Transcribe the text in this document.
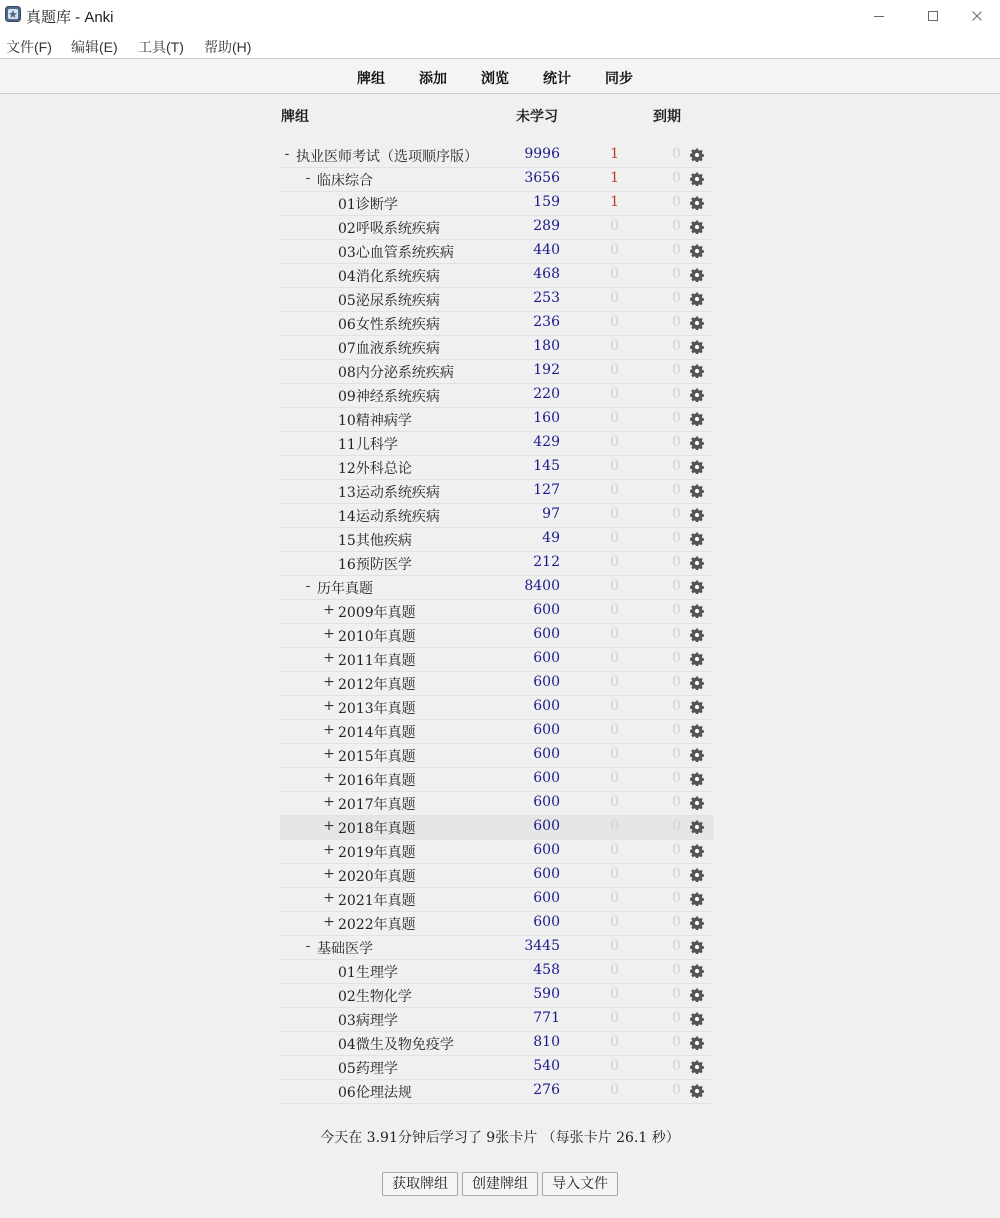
真题库 - Anki
文件(F) 编辑(E) 工具(T) 帮助(H)
牌组 添加 浏览 统计 同步
牌组	未学习	到期
- 执业医师考试（选项顺序版）	9996	1	0
- 临床综合	3656	1	0
01诊断学	159	1	0
02呼吸系统疾病	289	0	0
03心血管系统疾病	440	0	0
04消化系统疾病	468	0	0
05泌尿系统疾病	253	0	0
06女性系统疾病	236	0	0
07血液系统疾病	180	0	0
08内分泌系统疾病	192	0	0
09神经系统疾病	220	0	0
10精神病学	160	0	0
11儿科学	429	0	0
12外科总论	145	0	0
13运动系统疾病	127	0	0
14运动系统疾病	97	0	0
15其他疾病	49	0	0
16预防医学	212	0	0
- 历年真题	8400	0	0
+ 2009年真题	600	0	0
+ 2010年真题	600	0	0
+ 2011年真题	600	0	0
+ 2012年真题	600	0	0
+ 2013年真题	600	0	0
+ 2014年真题	600	0	0
+ 2015年真题	600	0	0
+ 2016年真题	600	0	0
+ 2017年真题	600	0	0
+ 2018年真题	600	0	0
+ 2019年真题	600	0	0
+ 2020年真题	600	0	0
+ 2021年真题	600	0	0
+ 2022年真题	600	0	0
- 基础医学	3445	0	0
01生理学	458	0	0
02生物化学	590	0	0
03病理学	771	0	0
04微生及物免疫学	810	0	0
05药理学	540	0	0
06伦理法规	276	0	0
今天在 3.91分钟后学习了 9张卡片 （每张卡片 26.1 秒）
获取牌组 创建牌组 导入文件
